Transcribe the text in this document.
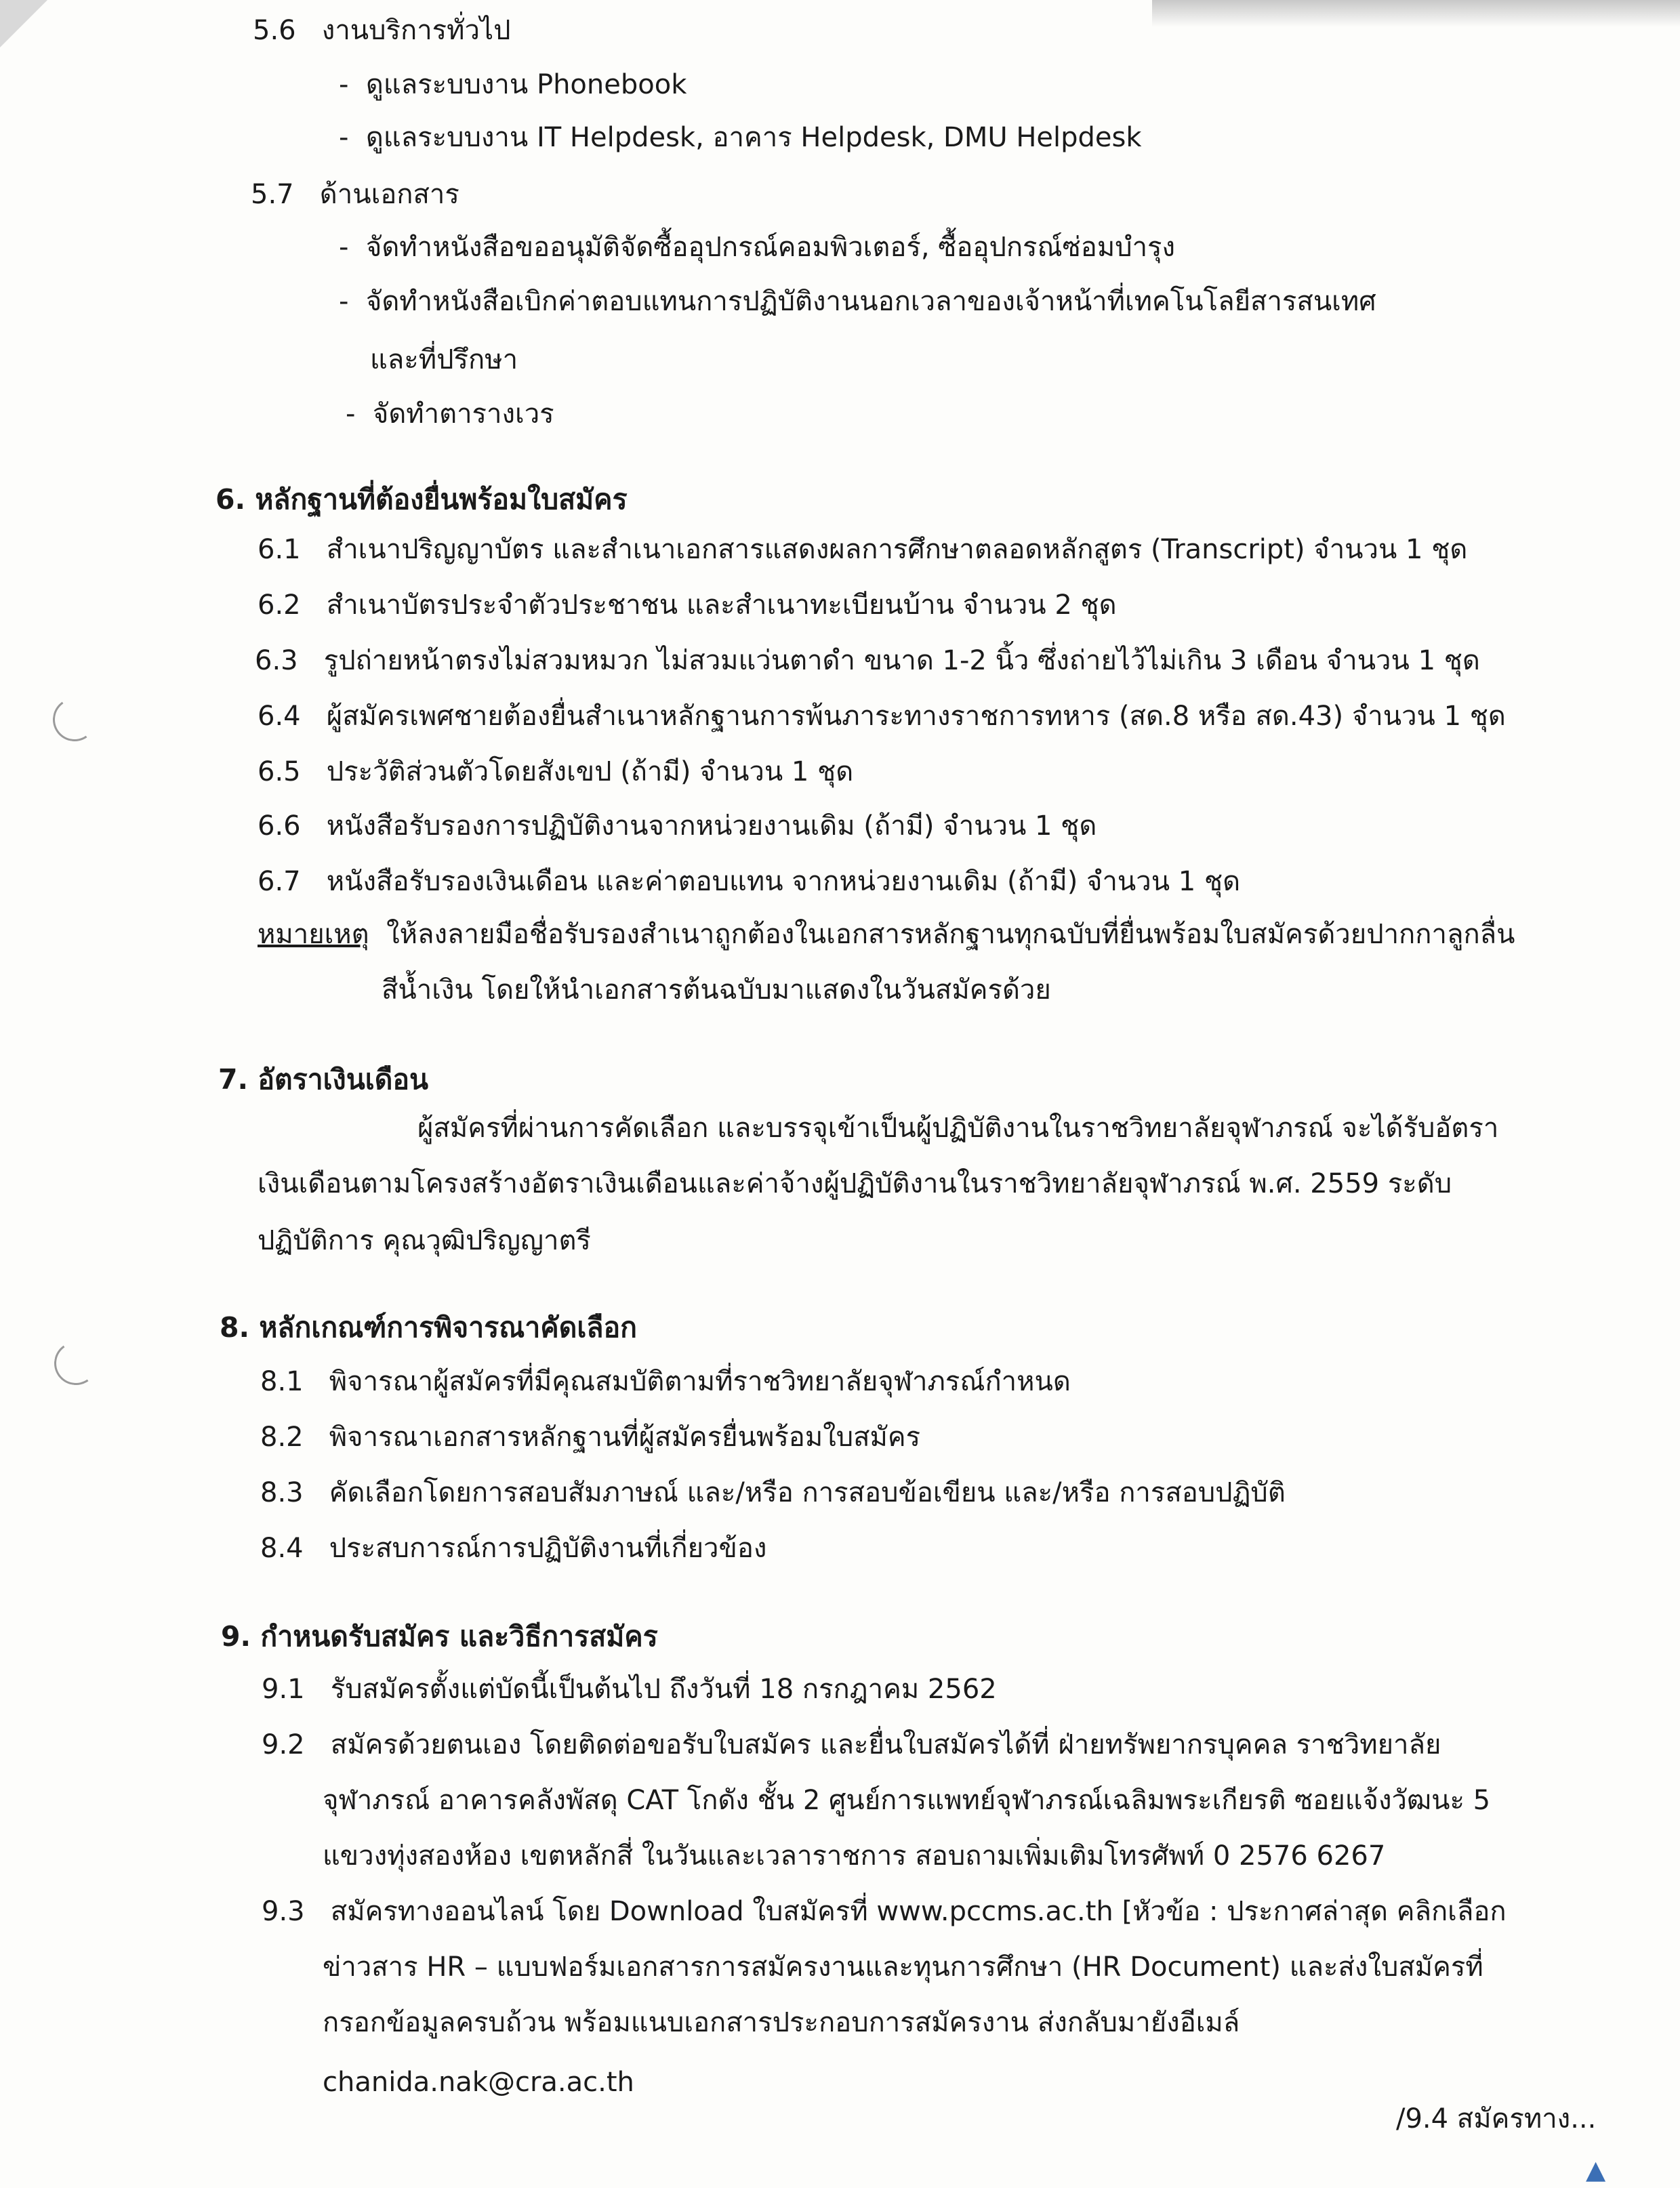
5.6 งานบริการทั่วไป
-  ดูแลระบบงาน Phonebook
-  ดูแลระบบงาน IT Helpdesk, อาคาร Helpdesk, DMU Helpdesk
5.7 ด้านเอกสาร
-  จัดทำหนังสือขออนุมัติจัดซื้ออุปกรณ์คอมพิวเตอร์, ซื้ออุปกรณ์ซ่อมบำรุง
-  จัดทำหนังสือเบิกค่าตอบแทนการปฏิบัติงานนอกเวลาของเจ้าหน้าที่เทคโนโลยีสารสนเทศ
และที่ปรึกษา
-  จัดทำตารางเวร
6. หลักฐานที่ต้องยื่นพร้อมใบสมัคร
6.1 สำเนาปริญญาบัตร และสำเนาเอกสารแสดงผลการศึกษาตลอดหลักสูตร (Transcript) จำนวน 1 ชุด
6.2 สำเนาบัตรประจำตัวประชาชน และสำเนาทะเบียนบ้าน จำนวน 2 ชุด
6.3 รูปถ่ายหน้าตรงไม่สวมหมวก ไม่สวมแว่นตาดำ ขนาด 1-2 นิ้ว ซึ่งถ่ายไว้ไม่เกิน 3 เดือน จำนวน 1 ชุด
6.4 ผู้สมัครเพศชายต้องยื่นสำเนาหลักฐานการพ้นภาระทางราชการทหาร (สด.8 หรือ สด.43) จำนวน 1 ชุด
6.5 ประวัติส่วนตัวโดยสังเขป (ถ้ามี) จำนวน 1 ชุด
6.6 หนังสือรับรองการปฏิบัติงานจากหน่วยงานเดิม (ถ้ามี) จำนวน 1 ชุด
6.7 หนังสือรับรองเงินเดือน และค่าตอบแทน จากหน่วยงานเดิม (ถ้ามี) จำนวน 1 ชุด
หมายเหตุ ให้ลงลายมือชื่อรับรองสำเนาถูกต้องในเอกสารหลักฐานทุกฉบับที่ยื่นพร้อมใบสมัครด้วยปากกาลูกลื่น
สีน้ำเงิน โดยให้นำเอกสารต้นฉบับมาแสดงในวันสมัครด้วย
7. อัตราเงินเดือน
ผู้สมัครที่ผ่านการคัดเลือก และบรรจุเข้าเป็นผู้ปฏิบัติงานในราชวิทยาลัยจุฬาภรณ์ จะได้รับอัตรา
เงินเดือนตามโครงสร้างอัตราเงินเดือนและค่าจ้างผู้ปฏิบัติงานในราชวิทยาลัยจุฬาภรณ์ พ.ศ. 2559 ระดับ
ปฏิบัติการ คุณวุฒิปริญญาตรี
8. หลักเกณฑ์การพิจารณาคัดเลือก
8.1 พิจารณาผู้สมัครที่มีคุณสมบัติตามที่ราชวิทยาลัยจุฬาภรณ์กำหนด
8.2 พิจารณาเอกสารหลักฐานที่ผู้สมัครยื่นพร้อมใบสมัคร
8.3 คัดเลือกโดยการสอบสัมภาษณ์ และ/หรือ การสอบข้อเขียน และ/หรือ การสอบปฏิบัติ
8.4 ประสบการณ์การปฏิบัติงานที่เกี่ยวข้อง
9. กำหนดรับสมัคร และวิธีการสมัคร
9.1 รับสมัครตั้งแต่บัดนี้เป็นต้นไป ถึงวันที่ 18 กรกฎาคม 2562
9.2 สมัครด้วยตนเอง โดยติดต่อขอรับใบสมัคร และยื่นใบสมัครได้ที่ ฝ่ายทรัพยากรบุคคล ราชวิทยาลัย
จุฬาภรณ์ อาคารคลังพัสดุ CAT โกดัง ชั้น 2 ศูนย์การแพทย์จุฬาภรณ์เฉลิมพระเกียรติ ซอยแจ้งวัฒนะ 5
แขวงทุ่งสองห้อง เขตหลักสี่ ในวันและเวลาราชการ สอบถามเพิ่มเติมโทรศัพท์ 0 2576 6267
9.3 สมัครทางออนไลน์ โดย Download ใบสมัครที่ www.pccms.ac.th [หัวข้อ : ประกาศล่าสุด คลิกเลือก
ข่าวสาร HR – แบบฟอร์มเอกสารการสมัครงานและทุนการศึกษา (HR Document) และส่งใบสมัครที่
กรอกข้อมูลครบถ้วน พร้อมแนบเอกสารประกอบการสมัครงาน ส่งกลับมายังอีเมล์
chanida.nak@cra.ac.th
/9.4 สมัครทาง...
▲
